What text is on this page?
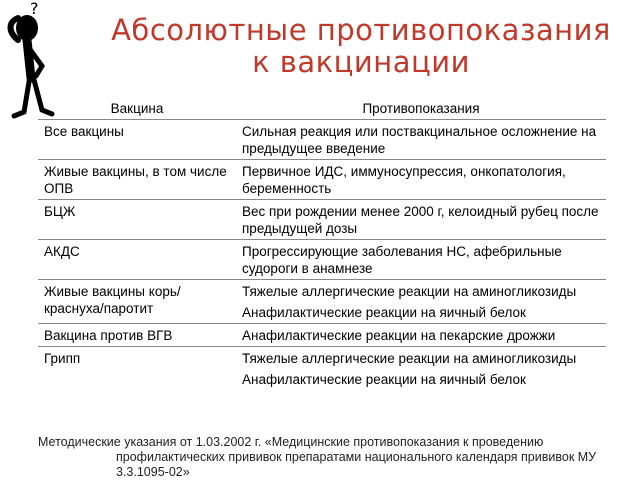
?
Абсолютные противопоказания
к вакцинации
Вакцина	Противопоказания
Все вакцины	Сильная реакция или поствакцинальное осложнение на предыдущее введение

Живые вакцины, в том числе ОПВ	Первичное ИДС, иммуносупрессия, онкопатология, беременность

БЦЖ	Вес при рождении менее 2000 г, келоидный рубец после предыдущей дозы

АКДС	Прогрессирующие заболевания НС, афебрильные судороги в анамнезе

Живые вакцины корь/краснуха/паротит	Тяжелые аллергические реакции на аминогликозиды
Анафилактические реакции на яичный белок

Вакцина против ВГВ	Анафилактические реакции на пекарские дрожжи

Грипп	Тяжелые аллергические реакции на аминогликозиды
Анафилактические реакции на яичный белок
Методические указания от 1.03.2002 г. «Медицинские противопоказания к проведению
профилактических прививок препаратами национального календаря прививок МУ
3.3.1095-02»
